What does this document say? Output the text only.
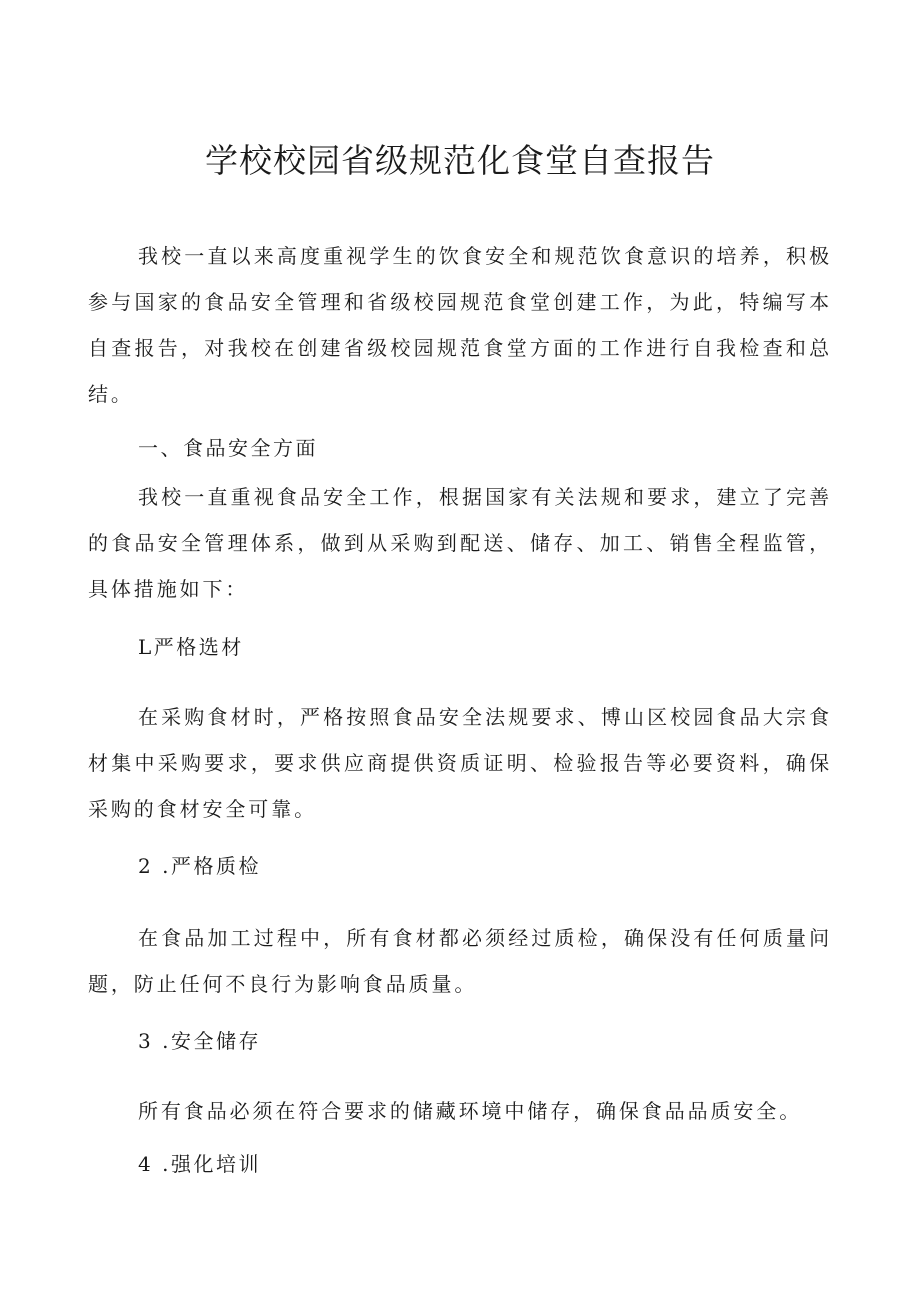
学校校园省级规范化食堂自查报告

我校一直以来高度重视学生的饮食安全和规范饮食意识的培养，积极参与国家的食品安全管理和省级校园规范食堂创建工作，为此，特编写本自查报告，对我校在创建省级校园规范食堂方面的工作进行自我检查和总结。

一、食品安全方面

我校一直重视食品安全工作，根据国家有关法规和要求，建立了完善的食品安全管理体系，做到从采购到配送、储存、加工、销售全程监管，具体措施如下：

L严格选材

在采购食材时，严格按照食品安全法规要求、博山区校园食品大宗食材集中采购要求，要求供应商提供资质证明、检验报告等必要资料，确保采购的食材安全可靠。

2 .严格质检

在食品加工过程中，所有食材都必须经过质检，确保没有任何质量问题，防止任何不良行为影响食品质量。

3 .安全储存

所有食品必须在符合要求的储藏环境中储存，确保食品品质安全。

4 .强化培训
